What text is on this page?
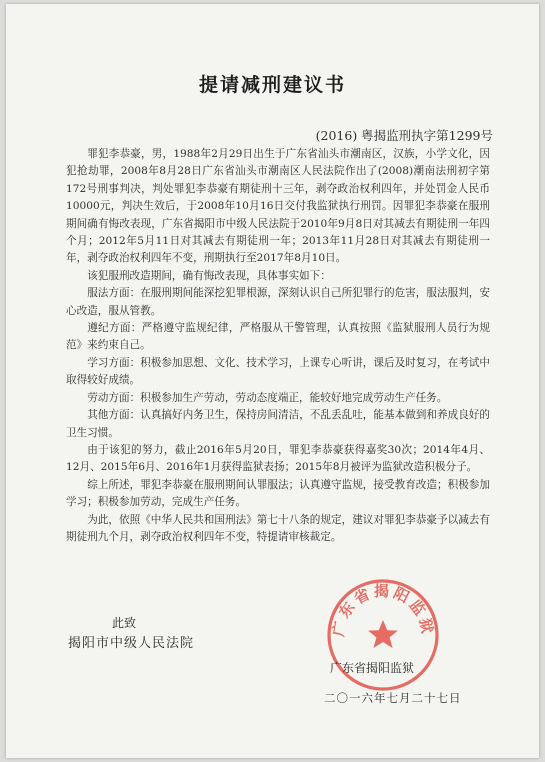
提请减刑建议书
(2016) 粤揭监刑执字第1299号

罪犯李恭豪，男，1988年2月29日出生于广东省汕头市潮南区，汉族，小学文化，因犯抢劫罪，2008年8月28日广东省汕头市潮南区人民法院作出了(2008)潮南法刑初字第172号刑事判决，判处罪犯李恭豪有期徒刑十三年，剥夺政治权利四年，并处罚金人民币10000元，判决生效后，于2008年10月16日交付我监狱执行刑罚。因罪犯李恭豪在服刑期间确有悔改表现，广东省揭阳市中级人民法院于2010年9月8日对其减去有期徒刑一年四个月；2012年5月11日对其减去有期徒刑一年；2013年11月28日对其减去有期徒刑一年，剥夺政治权利四年不变，刑期执行至2017年8月10日。

该犯服刑改造期间，确有悔改表现，具体事实如下：

服法方面：在服刑期间能深挖犯罪根源，深刻认识自己所犯罪行的危害，服法服判，安心改造，服从管教。

遵纪方面：严格遵守监规纪律，严格服从干警管理，认真按照《监狱服刑人员行为规范》来约束自己。

学习方面：积极参加思想、文化、技术学习，上课专心听讲，课后及时复习，在考试中取得较好成绩。

劳动方面：积极参加生产劳动，劳动态度端正，能较好地完成劳动生产任务。

其他方面：认真搞好内务卫生，保持房间清洁，不乱丢乱吐，能基本做到和养成良好的卫生习惯。

由于该犯的努力，截止2016年5月20日，罪犯李恭豪获得嘉奖30次；2014年4月、12月、2015年6月、2016年1月获得监狱表扬；2015年8月被评为监狱改造积极分子。

综上所述，罪犯李恭豪在服刑期间认罪服法；认真遵守监规，接受教育改造；积极参加学习；积极参加劳动，完成生产任务。

为此，依照《中华人民共和国刑法》第七十八条的规定，建议对罪犯李恭豪予以减去有期徒刑九个月，剥夺政治权利四年不变，特提请审核裁定。

此致
揭阳市中级人民法院
广东省揭阳监狱
广东省揭阳监狱
二〇一六年七月二十七日
